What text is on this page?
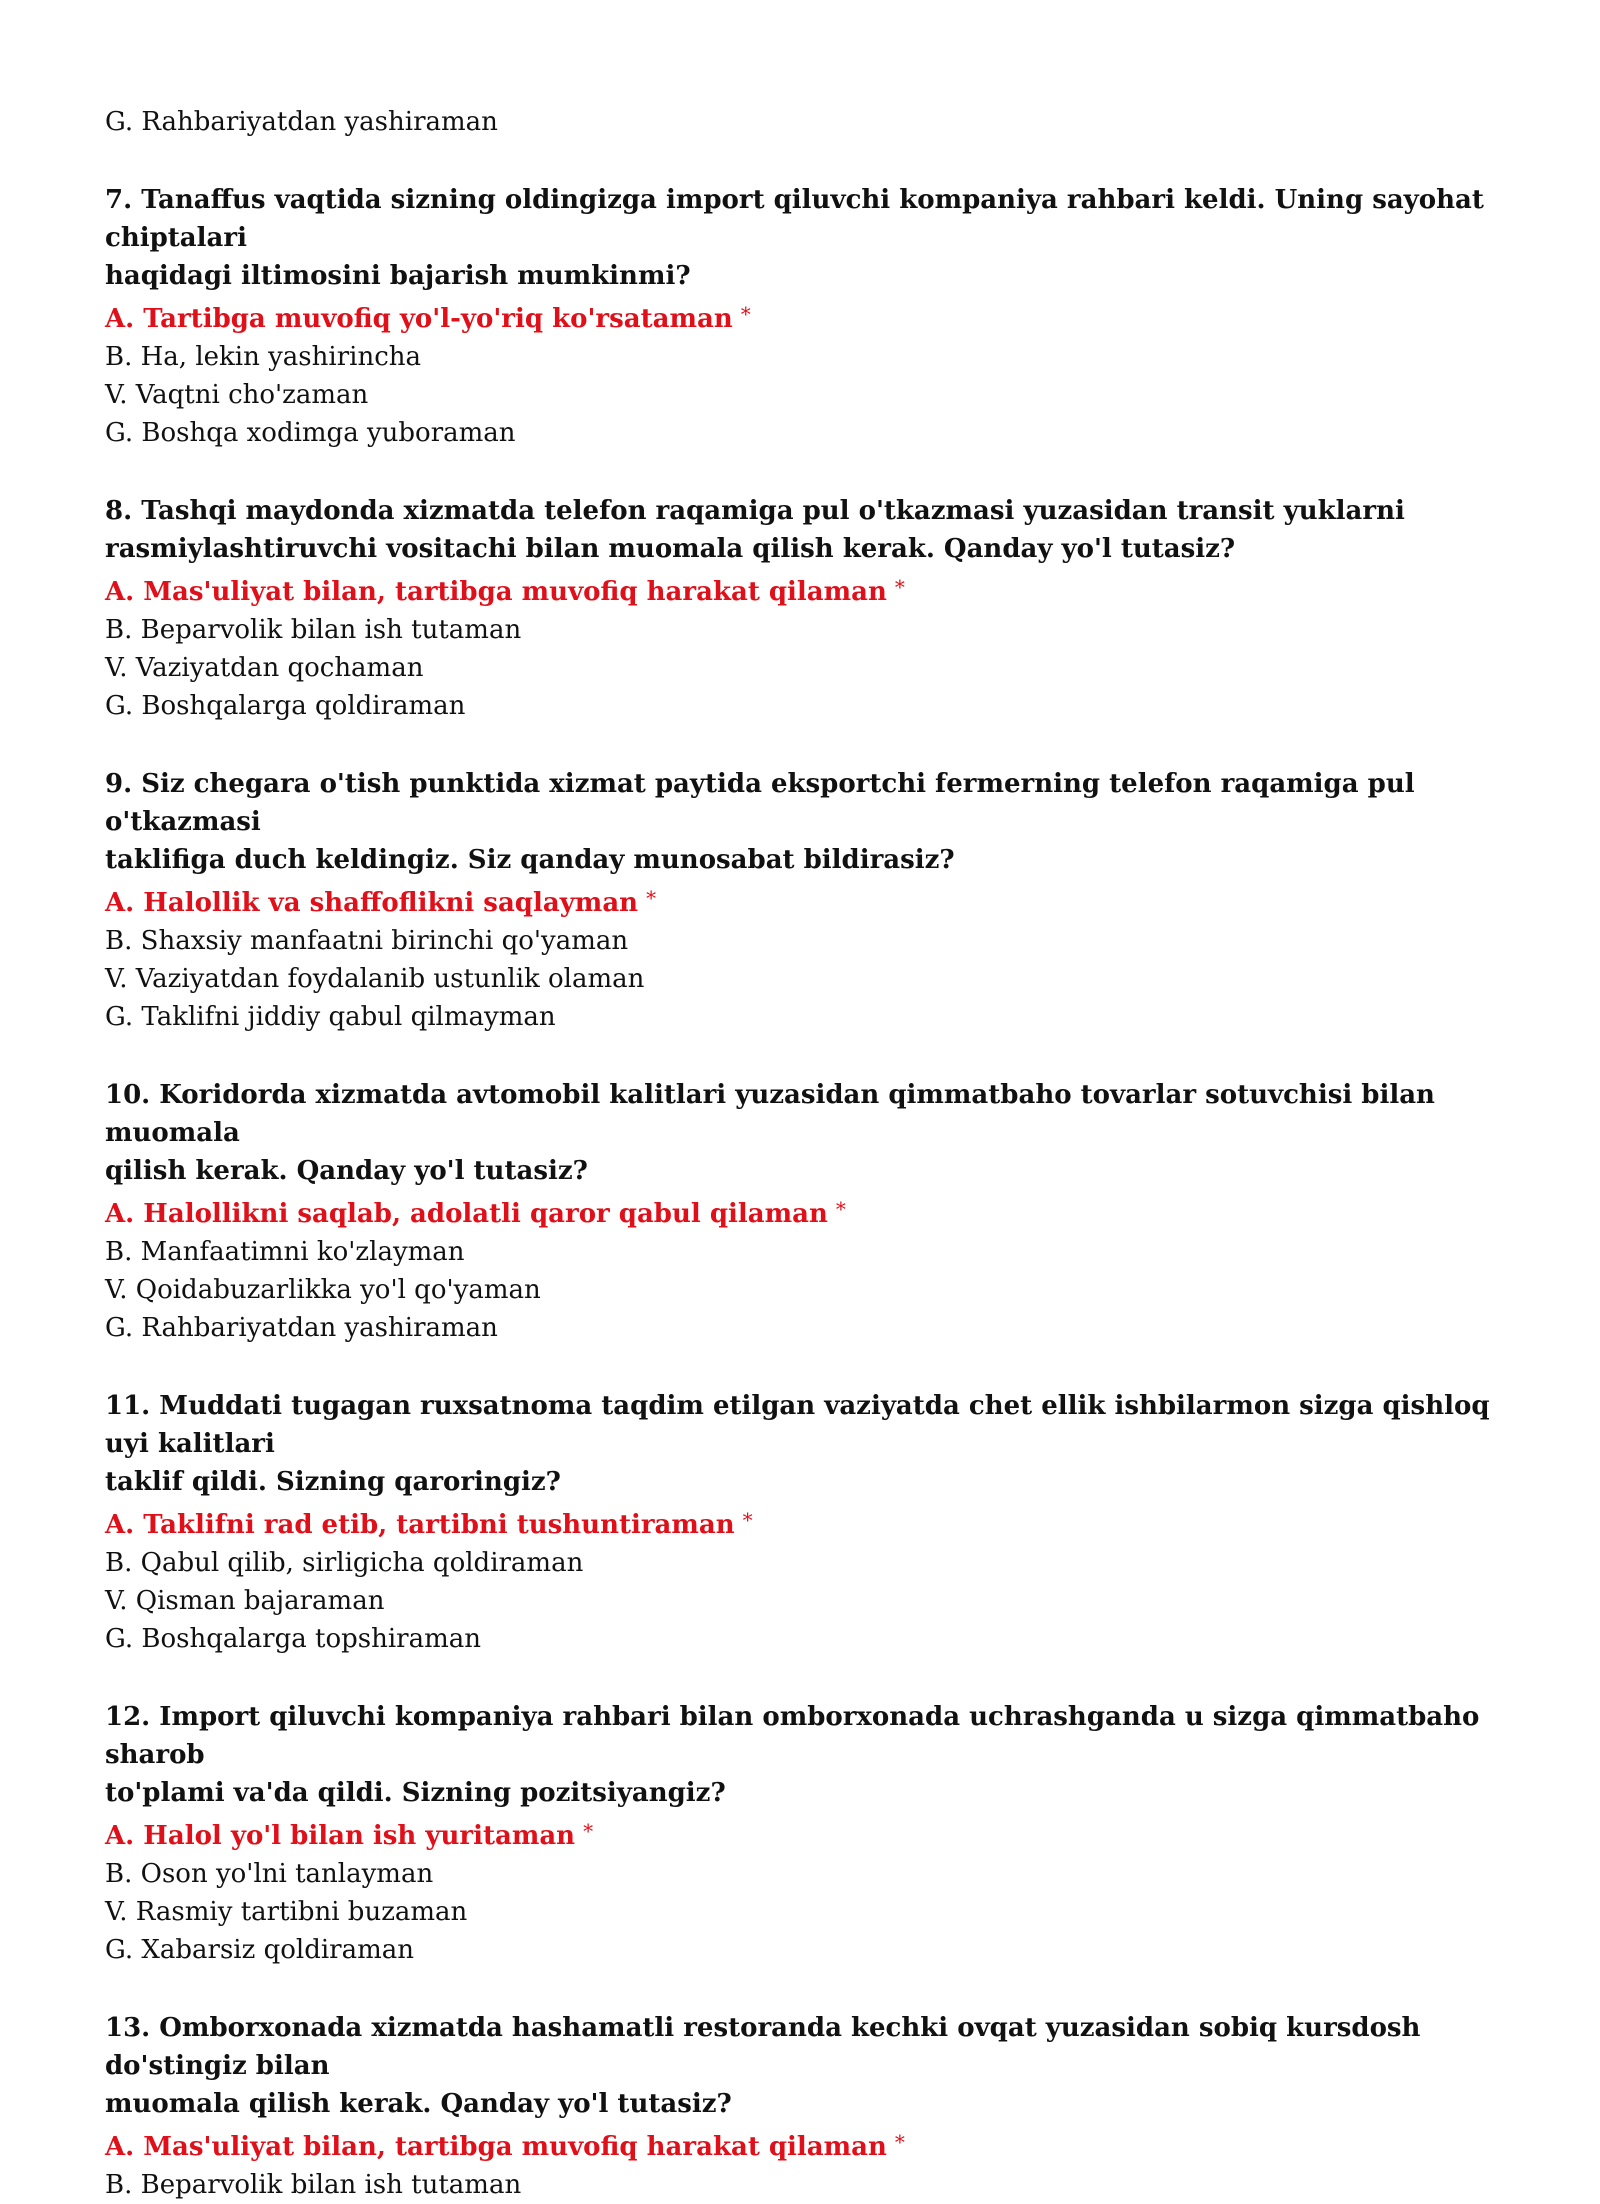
G. Rahbariyatdan yashiraman
7. Tanaffus vaqtida sizning oldingizga import qiluvchi kompaniya rahbari keldi. Uning sayohat chiptalari
haqidagi iltimosini bajarish mumkinmi?
A. Tartibga muvofiq yo'l-yo'riq ko'rsataman *
B. Ha, lekin yashirincha
V. Vaqtni cho'zaman
G. Boshqa xodimga yuboraman
8. Tashqi maydonda xizmatda telefon raqamiga pul o'tkazmasi yuzasidan transit yuklarni
rasmiylashtiruvchi vositachi bilan muomala qilish kerak. Qanday yo'l tutasiz?
A. Mas'uliyat bilan, tartibga muvofiq harakat qilaman *
B. Beparvolik bilan ish tutaman
V. Vaziyatdan qochaman
G. Boshqalarga qoldiraman
9. Siz chegara o'tish punktida xizmat paytida eksportchi fermerning telefon raqamiga pul o'tkazmasi
taklifiga duch keldingiz. Siz qanday munosabat bildirasiz?
A. Halollik va shaffoflikni saqlayman *
B. Shaxsiy manfaatni birinchi qo'yaman
V. Vaziyatdan foydalanib ustunlik olaman
G. Taklifni jiddiy qabul qilmayman
10. Koridorda xizmatda avtomobil kalitlari yuzasidan qimmatbaho tovarlar sotuvchisi bilan muomala
qilish kerak. Qanday yo'l tutasiz?
A. Halollikni saqlab, adolatli qaror qabul qilaman *
B. Manfaatimni ko'zlayman
V. Qoidabuzarlikka yo'l qo'yaman
G. Rahbariyatdan yashiraman
11. Muddati tugagan ruxsatnoma taqdim etilgan vaziyatda chet ellik ishbilarmon sizga qishloq uyi kalitlari
taklif qildi. Sizning qaroringiz?
A. Taklifni rad etib, tartibni tushuntiraman *
B. Qabul qilib, sirligicha qoldiraman
V. Qisman bajaraman
G. Boshqalarga topshiraman
12. Import qiluvchi kompaniya rahbari bilan omborxonada uchrashganda u sizga qimmatbaho sharob
to'plami va'da qildi. Sizning pozitsiyangiz?
A. Halol yo'l bilan ish yuritaman *
B. Oson yo'lni tanlayman
V. Rasmiy tartibni buzaman
G. Xabarsiz qoldiraman
13. Omborxonada xizmatda hashamatli restoranda kechki ovqat yuzasidan sobiq kursdosh do'stingiz bilan
muomala qilish kerak. Qanday yo'l tutasiz?
A. Mas'uliyat bilan, tartibga muvofiq harakat qilaman *
B. Beparvolik bilan ish tutaman
